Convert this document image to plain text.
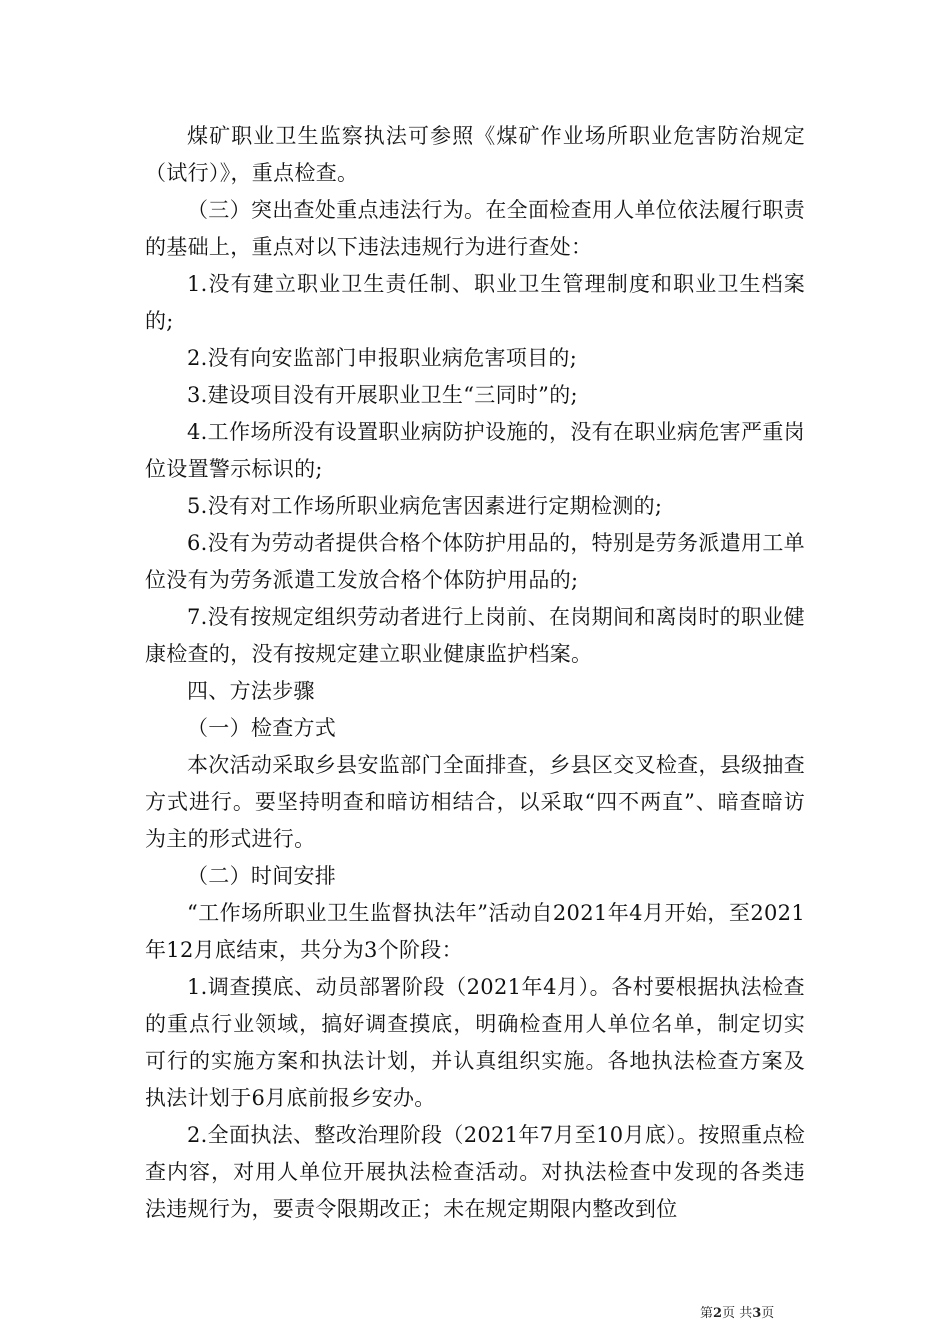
煤矿职业卫生监察执法可参照《煤矿作业场所职业危害防治规定（试行）》，重点检查。

（三）突出查处重点违法行为。在全面检查用人单位依法履行职责的基础上，重点对以下违法违规行为进行查处：

1.没有建立职业卫生责任制、职业卫生管理制度和职业卫生档案的;

2.没有向安监部门申报职业病危害项目的;

3.建设项目没有开展职业卫生“三同时”的;

4.工作场所没有设置职业病防护设施的，没有在职业病危害严重岗位设置警示标识的;

5.没有对工作场所职业病危害因素进行定期检测的;

6.没有为劳动者提供合格个体防护用品的，特别是劳务派遣用工单位没有为劳务派遣工发放合格个体防护用品的;

7.没有按规定组织劳动者进行上岗前、在岗期间和离岗时的职业健康检查的，没有按规定建立职业健康监护档案。

四、方法步骤

（一）检查方式

本次活动采取乡县安监部门全面排查，乡县区交叉检查，县级抽查方式进行。要坚持明查和暗访相结合，以采取“四不两直”、暗查暗访为主的形式进行。

（二）时间安排

“工作场所职业卫生监督执法年”活动自2021年4月开始，至2021年12月底结束，共分为3个阶段：

1.调查摸底、动员部署阶段（2021年4月）。各村要根据执法检查的重点行业领域，搞好调查摸底，明确检查用人单位名单，制定切实可行的实施方案和执法计划，并认真组织实施。各地执法检查方案及执法计划于6月底前报乡安办。

2.全面执法、整改治理阶段（2021年7月至10月底）。按照重点检查内容，对用人单位开展执法检查活动。对执法检查中发现的各类违法违规行为，要责令限期改正；未在规定期限内整改到位

第2页 共3页
